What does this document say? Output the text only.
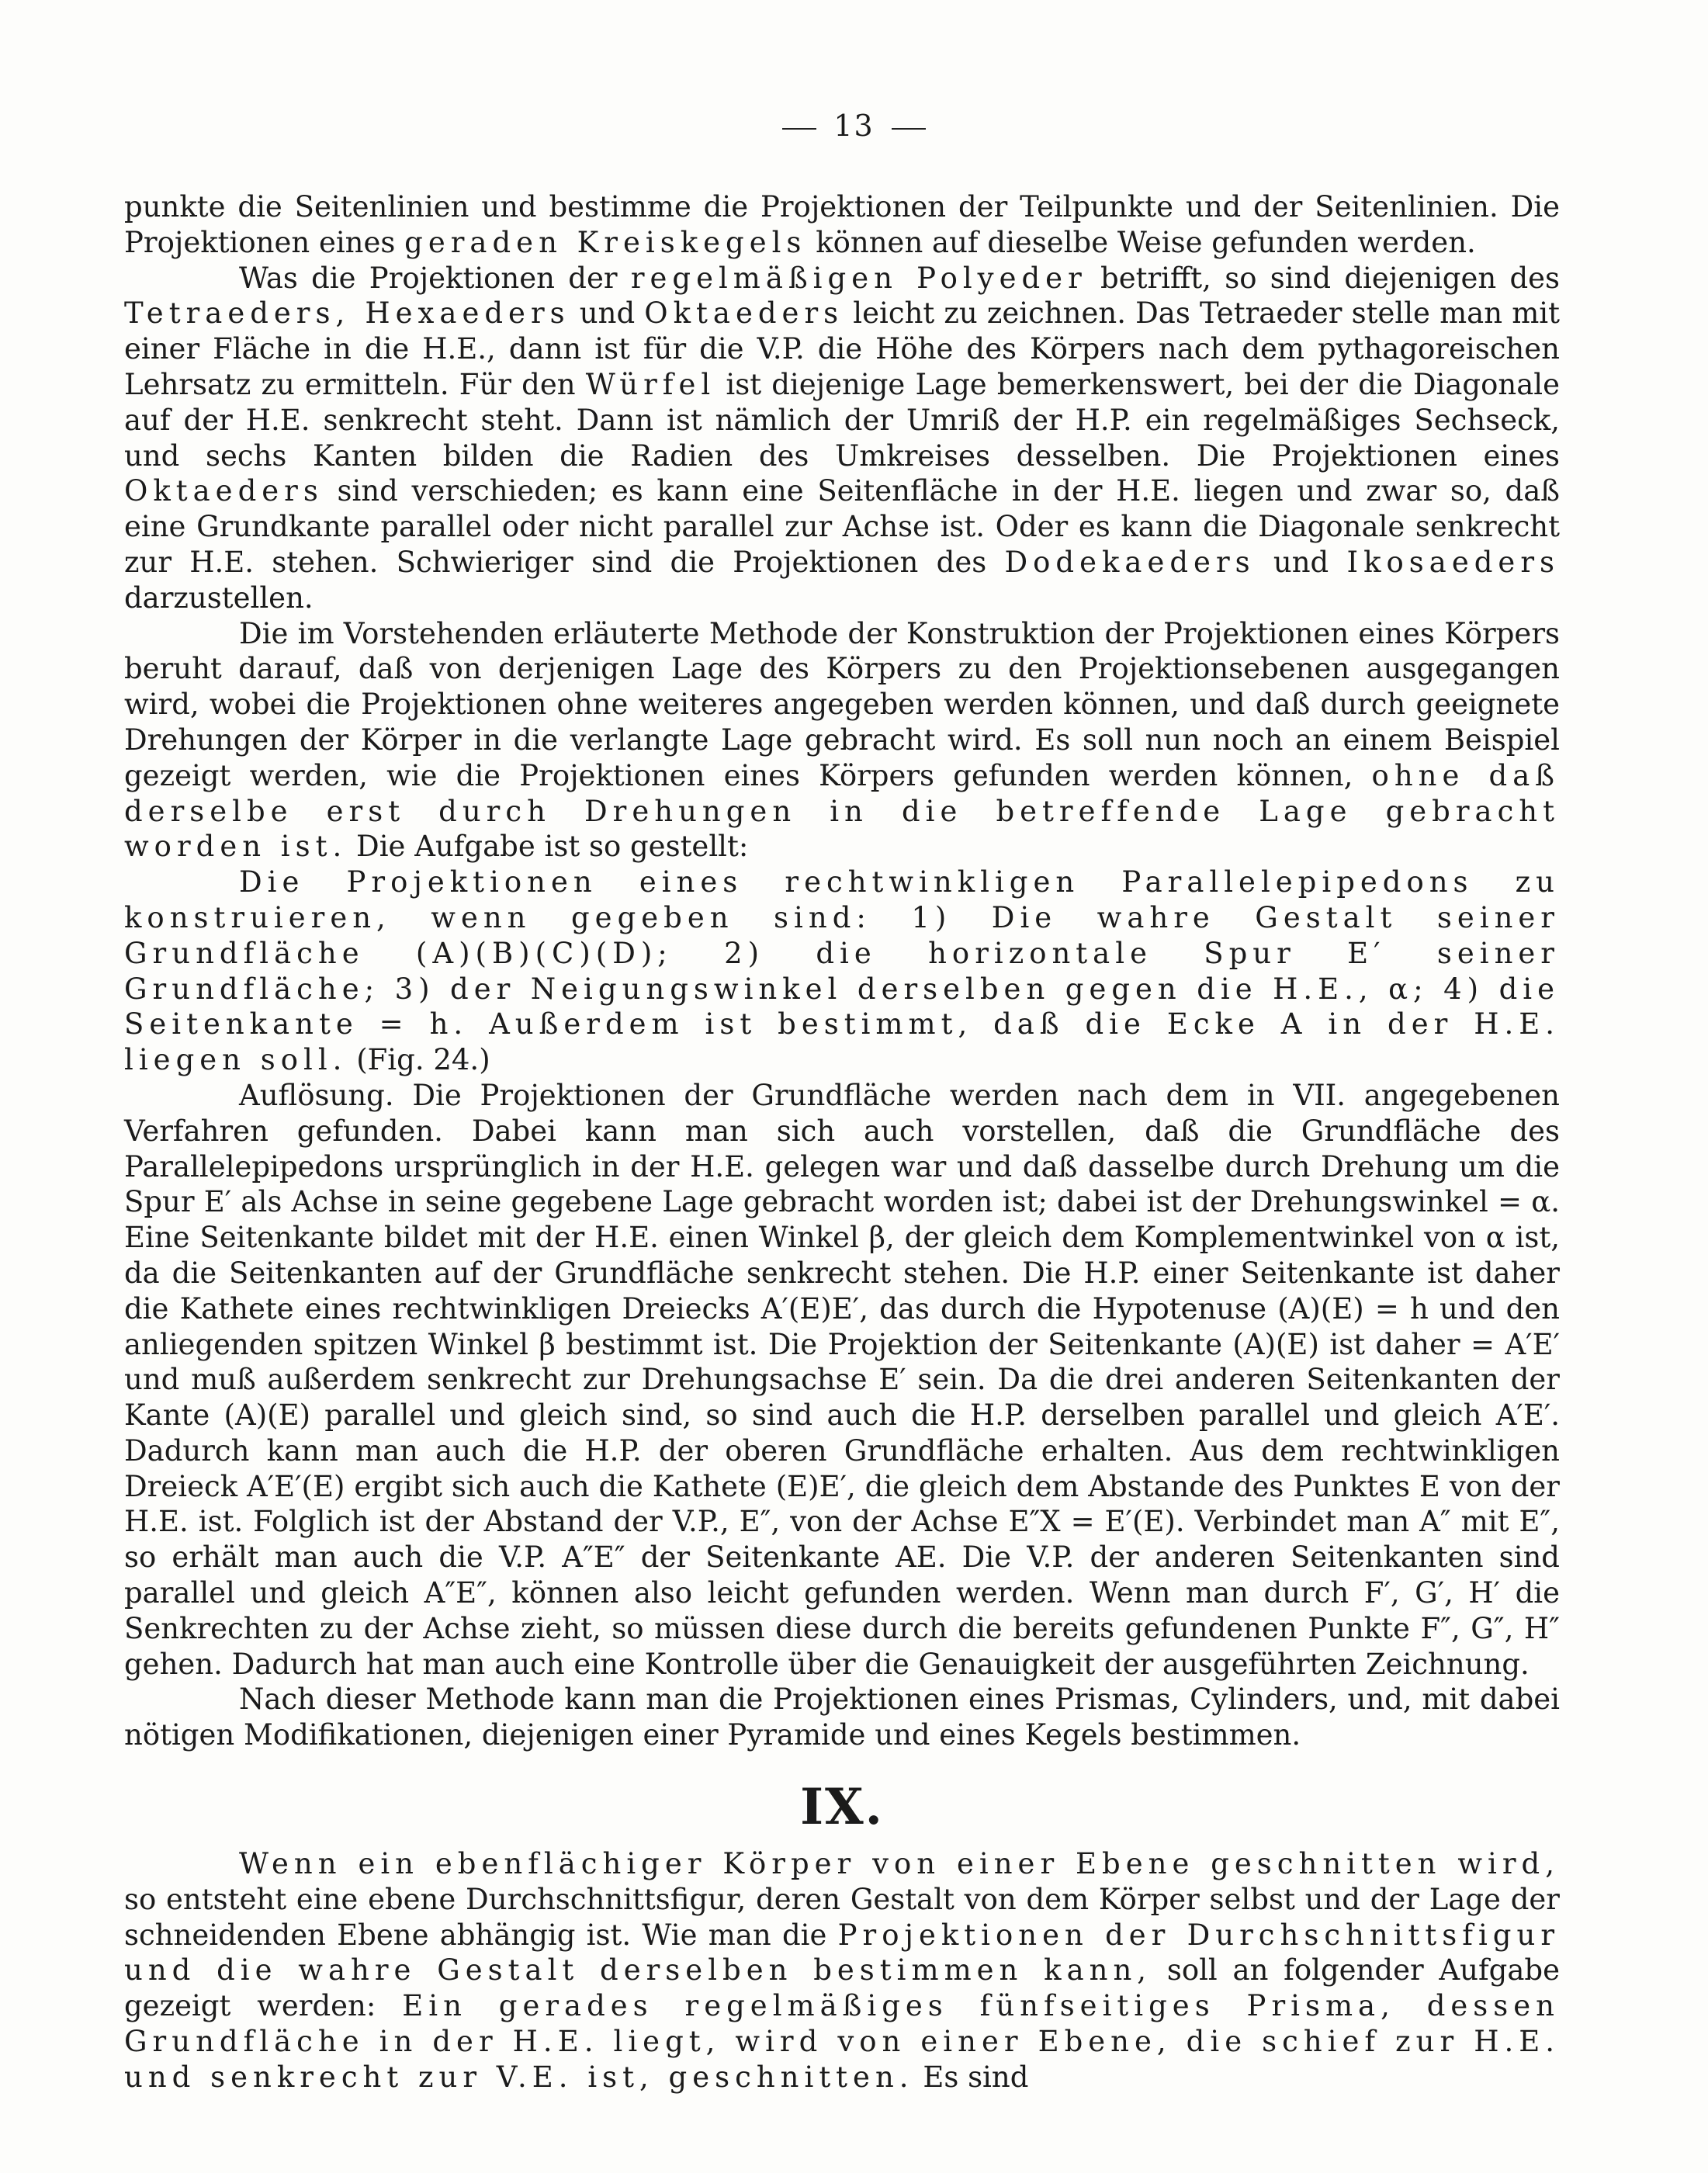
13

punkte die Seitenlinien und bestimme die Projektionen der Teilpunkte und der Seitenlinien. Die Projektionen eines geraden Kreiskegels können auf dieselbe Weise gefunden werden.

Was die Projektionen der regelmäßigen Polyeder betrifft, so sind diejenigen des Tetraeders, Hexaeders und Oktaeders leicht zu zeichnen. Das Tetraeder stelle man mit einer Fläche in die H.E., dann ist für die V.P. die Höhe des Körpers nach dem pythagoreischen Lehrsatz zu ermitteln. Für den Würfel ist diejenige Lage bemerkenswert, bei der die Diagonale auf der H.E. senkrecht steht. Dann ist nämlich der Umriß der H.P. ein regelmäßiges Sechseck, und sechs Kanten bilden die Radien des Umkreises desselben. Die Projektionen eines Oktaeders sind verschieden; es kann eine Seitenfläche in der H.E. liegen und zwar so, daß eine Grundkante parallel oder nicht parallel zur Achse ist. Oder es kann die Diagonale senkrecht zur H.E. stehen. Schwieriger sind die Projektionen des Dodekaeders und Ikosaeders darzustellen.

Die im Vorstehenden erläuterte Methode der Konstruktion der Projektionen eines Körpers beruht darauf, daß von derjenigen Lage des Körpers zu den Projektionsebenen ausgegangen wird, wobei die Projektionen ohne weiteres angegeben werden können, und daß durch geeignete Drehungen der Körper in die verlangte Lage gebracht wird. Es soll nun noch an einem Beispiel gezeigt werden, wie die Projektionen eines Körpers gefunden werden können, ohne daß derselbe erst durch Drehungen in die betreffende Lage gebracht worden ist. Die Aufgabe ist so gestellt:

Die Projektionen eines rechtwinkligen Parallelepipedons zu konstruieren, wenn gegeben sind: 1) Die wahre Gestalt seiner Grundfläche (A)(B)(C)(D); 2) die horizontale Spur E′ seiner Grundfläche; 3) der Neigungswinkel derselben gegen die H.E., α; 4) die Seitenkante = h. Außerdem ist bestimmt, daß die Ecke A in der H.E. liegen soll. (Fig. 24.)

Auflösung. Die Projektionen der Grundfläche werden nach dem in VII. angegebenen Verfahren gefunden. Dabei kann man sich auch vorstellen, daß die Grundfläche des Parallelepipedons ursprünglich in der H.E. gelegen war und daß dasselbe durch Drehung um die Spur E′ als Achse in seine gegebene Lage gebracht worden ist; dabei ist der Drehungswinkel = α. Eine Seitenkante bildet mit der H.E. einen Winkel β, der gleich dem Komplementwinkel von α ist, da die Seitenkanten auf der Grundfläche senkrecht stehen. Die H.P. einer Seitenkante ist daher die Kathete eines rechtwinkligen Dreiecks A′(E)E′, das durch die Hypotenuse (A)(E) = h und den anliegenden spitzen Winkel β bestimmt ist. Die Projektion der Seitenkante (A)(E) ist daher = A′E′ und muß außerdem senkrecht zur Drehungsachse E′ sein. Da die drei anderen Seitenkanten der Kante (A)(E) parallel und gleich sind, so sind auch die H.P. derselben parallel und gleich A′E′. Dadurch kann man auch die H.P. der oberen Grundfläche erhalten. Aus dem rechtwinkligen Dreieck A′E′(E) ergibt sich auch die Kathete (E)E′, die gleich dem Abstande des Punktes E von der H.E. ist. Folglich ist der Abstand der V.P., E″, von der Achse E″X = E′(E). Verbindet man A″ mit E″, so erhält man auch die V.P. A″E″ der Seitenkante AE. Die V.P. der anderen Seitenkanten sind parallel und gleich A″E″, können also leicht gefunden werden. Wenn man durch F′, G′, H′ die Senkrechten zu der Achse zieht, so müssen diese durch die bereits gefundenen Punkte F″, G″, H″ gehen. Dadurch hat man auch eine Kontrolle über die Genauigkeit der ausgeführten Zeichnung.

Nach dieser Methode kann man die Projektionen eines Prismas, Cylinders, und, mit dabei nötigen Modifikationen, diejenigen einer Pyramide und eines Kegels bestimmen.

IX.

Wenn ein ebenflächiger Körper von einer Ebene geschnitten wird, so entsteht eine ebene Durchschnittsfigur, deren Gestalt von dem Körper selbst und der Lage der schneidenden Ebene abhängig ist. Wie man die Projektionen der Durchschnittsfigur und die wahre Gestalt derselben bestimmen kann, soll an folgender Aufgabe gezeigt werden: Ein gerades regelmäßiges fünfseitiges Prisma, dessen Grundfläche in der H.E. liegt, wird von einer Ebene, die schief zur H.E. und senkrecht zur V.E. ist, geschnitten. Es sind
